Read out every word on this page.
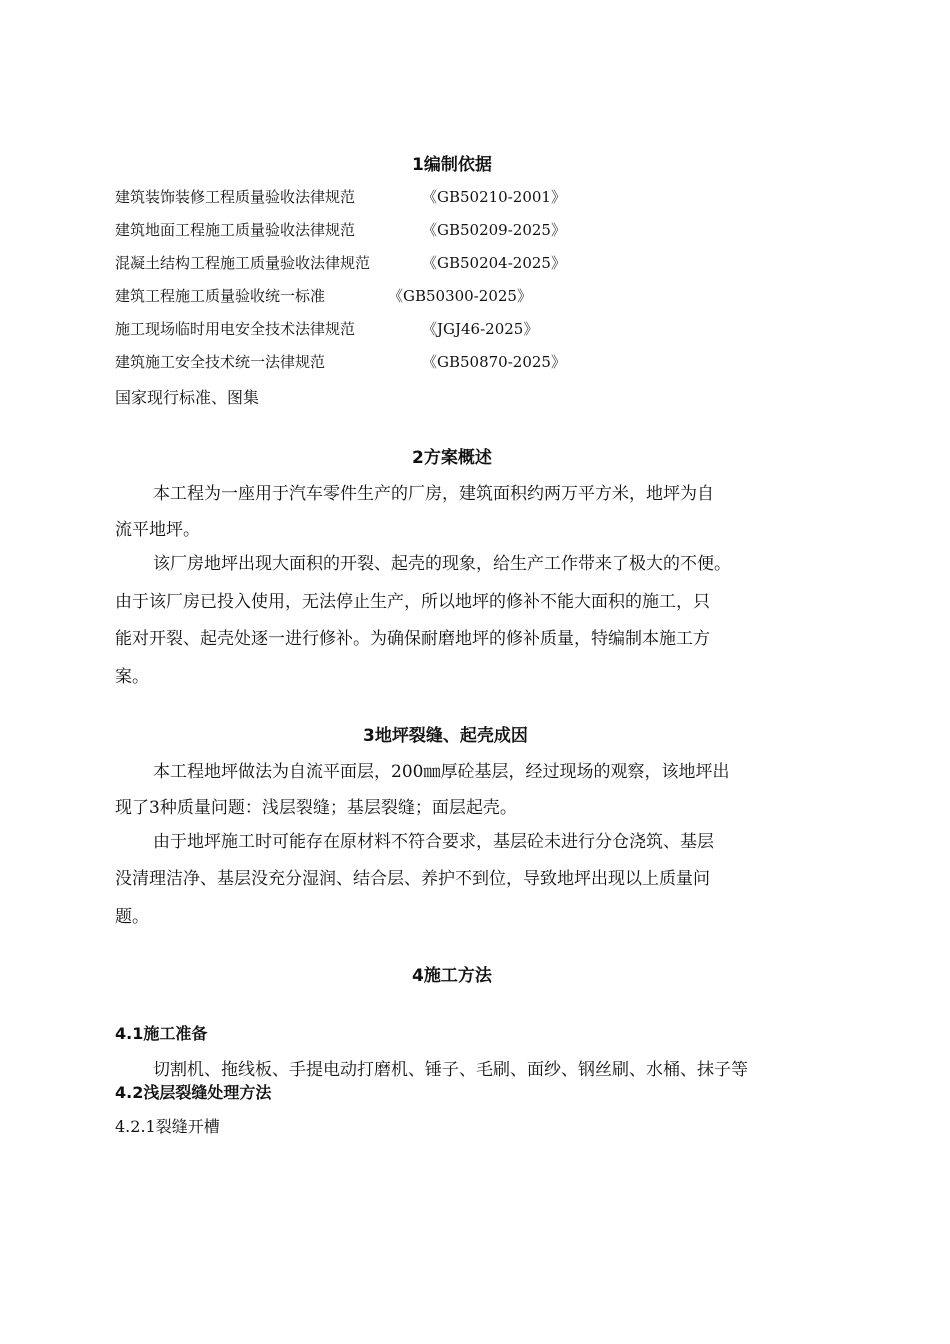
1编制依据
建筑装饰装修工程质量验收法律规范	《GB50210-2001》
建筑地面工程施工质量验收法律规范	《GB50209-2025》
混凝土结构工程施工质量验收法律规范	《GB50204-2025》
建筑工程施工质量验收统一标准	《GB50300-2025》
施工现场临时用电安全技术法律规范	《JGJ46-2025》
建筑施工安全技术统一法律规范	《GB50870-2025》
国家现行标准、图集
2方案概述
本工程为一座用于汽车零件生产的厂房，建筑面积约两万平方米，地坪为自
流平地坪。
该厂房地坪出现大面积的开裂、起壳的现象，给生产工作带来了极大的不便。
由于该厂房已投入使用，无法停止生产，所以地坪的修补不能大面积的施工，只
能对开裂、起壳处逐一进行修补。为确保耐磨地坪的修补质量，特编制本施工方
案。
3地坪裂缝、起壳成因
本工程地坪做法为自流平面层，200㎜厚砼基层，经过现场的观察，该地坪出
现了3种质量问题：浅层裂缝；基层裂缝；面层起壳。
由于地坪施工时可能存在原材料不符合要求，基层砼未进行分仓浇筑、基层
没清理洁净、基层没充分湿润、结合层、养护不到位，导致地坪出现以上质量问
题。
4施工方法
4.1施工准备
切割机、拖线板、手提电动打磨机、锤子、毛刷、面纱、钢丝刷、水桶、抹子等
4.2浅层裂缝处理方法
4.2.1裂缝开槽
